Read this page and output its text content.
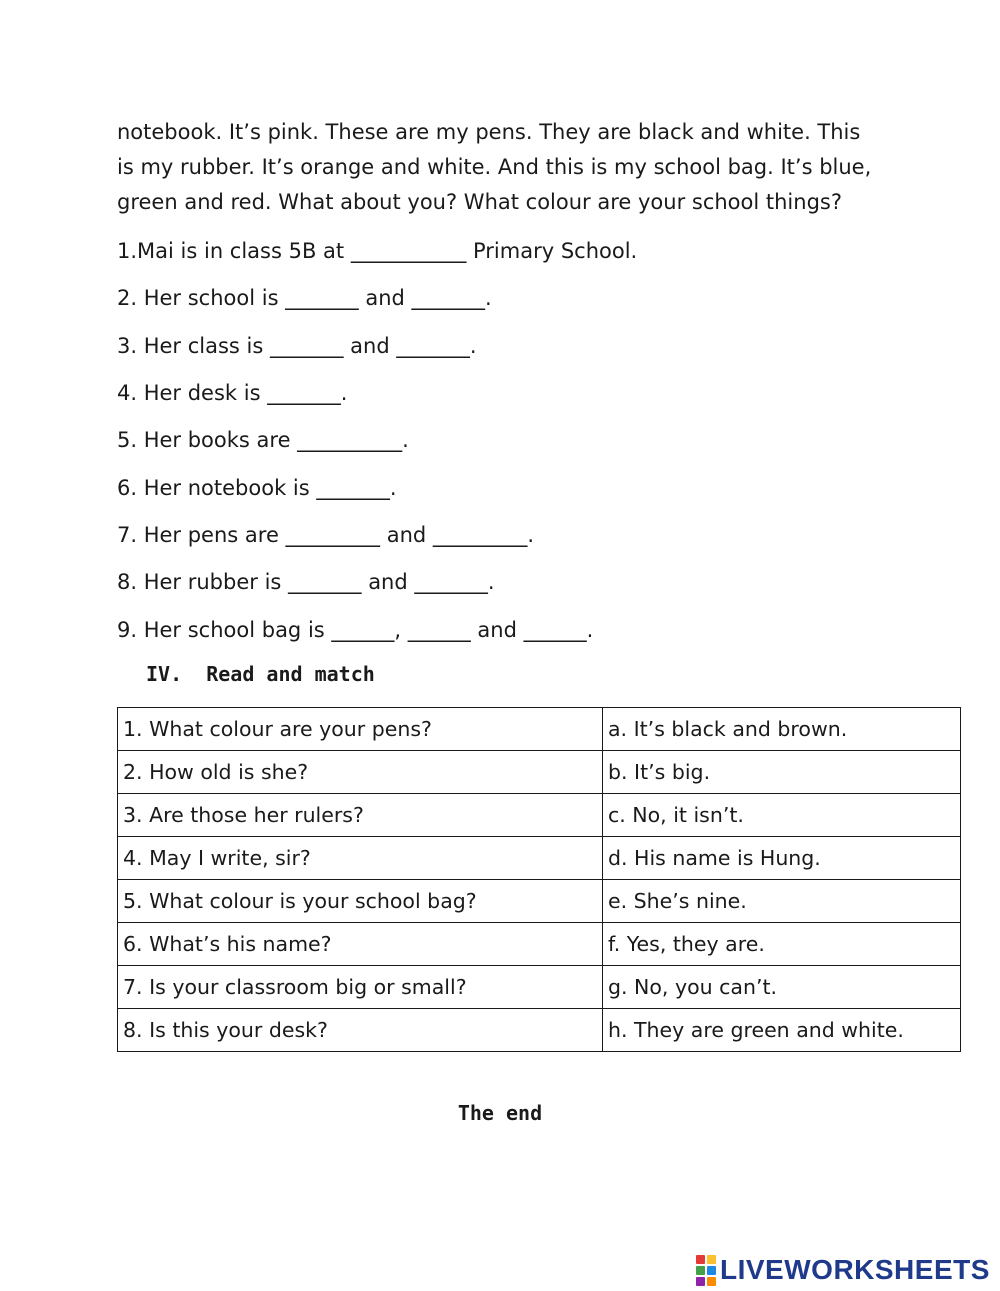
notebook. It’s pink. These are my pens. They are black and white. This
is my rubber. It’s orange and white. And this is my school bag. It’s blue,
green and red. What about you? What colour are your school things?

1.Mai is in class 5B at ___________ Primary School.

2. Her school is _______ and _______.

3. Her class is _______ and _______.

4. Her desk is _______.

5. Her books are __________.

6. Her notebook is _______.

7. Her pens are _________ and _________.

8. Her rubber is _______ and _______.

9. Her school bag is ______, ______ and ______.

IV.  Read and match
1. What colour are your pens?	a. It’s black and brown.
2. How old is she?	b. It’s big.
3. Are those her rulers?	c. No, it isn’t.
4. May I write, sir?	d. His name is Hung.
5. What colour is your school bag?	e. She’s nine.
6. What’s his name?	f. Yes, they are.
7. Is your classroom big or small?	g. No, you can’t.
8. Is this your desk?	h. They are green and white.
The end
LIVEWORKSHEETS
